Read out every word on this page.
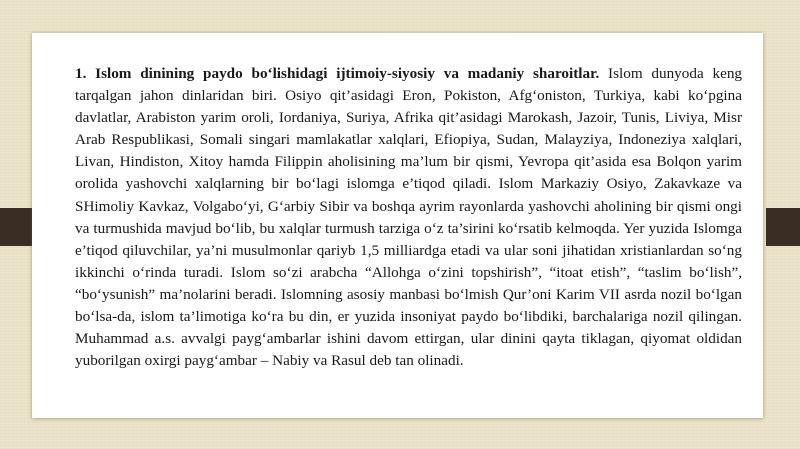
1. Islom dinining paydo bo‘lishidagi ijtimoiy-siyosiy va madaniy sharoitlar. Islom dunyoda keng tarqalgan jahon dinlaridan biri. Osiyo qit’asidagi Eron, Pokiston, Afg‘oniston, Turkiya, kabi ko‘pgina davlatlar, Arabiston yarim oroli, Iordaniya, Suriya, Afrika qit’asidagi Marokash, Jazoir, Tunis, Liviya, Misr Arab Respublikasi, Somali singari mamlakatlar xalqlari, Efiopiya, Sudan, Malayziya, Indoneziya xalqlari, Livan, Hindiston, Xitoy hamda Filippin aholisining ma’lum bir qismi, Yevropa qit’asida esa Bolqon yarim orolida yashovchi xalqlarning bir bo‘lagi islomga e’tiqod qiladi. Islom Markaziy Osiyo, Zakavkaze va SHimoliy Kavkaz, Volgabo‘yi, G‘arbiy Sibir va boshqa ayrim rayonlarda yashovchi aholining bir qismi ongi va turmushida mavjud bo‘lib, bu xalqlar turmush tarziga o‘z ta’sirini ko‘rsatib kelmoqda. Yer yuzida Islomga e’tiqod qiluvchilar, ya’ni musulmonlar qariyb 1,5 milliardga etadi va ular soni jihatidan xristianlardan so‘ng ikkinchi o‘rinda turadi. Islom so‘zi arabcha “Allohga o‘zini topshirish”, “itoat etish”, “taslim bo‘lish”, “bo‘ysunish” ma’nolarini beradi. Islomning asosiy manbasi bo‘lmish Qur’oni Karim VII asrda nozil bo‘lgan bo‘lsa-da, islom ta’limotiga ko‘ra bu din, er yuzida insoniyat paydo bo‘libdiki, barchalariga nozil qilingan. Muhammad a.s. avvalgi payg‘ambarlar ishini davom ettirgan, ular dinini qayta tiklagan, qiyomat oldidan yuborilgan oxirgi payg‘ambar – Nabiy va Rasul deb tan olinadi.
